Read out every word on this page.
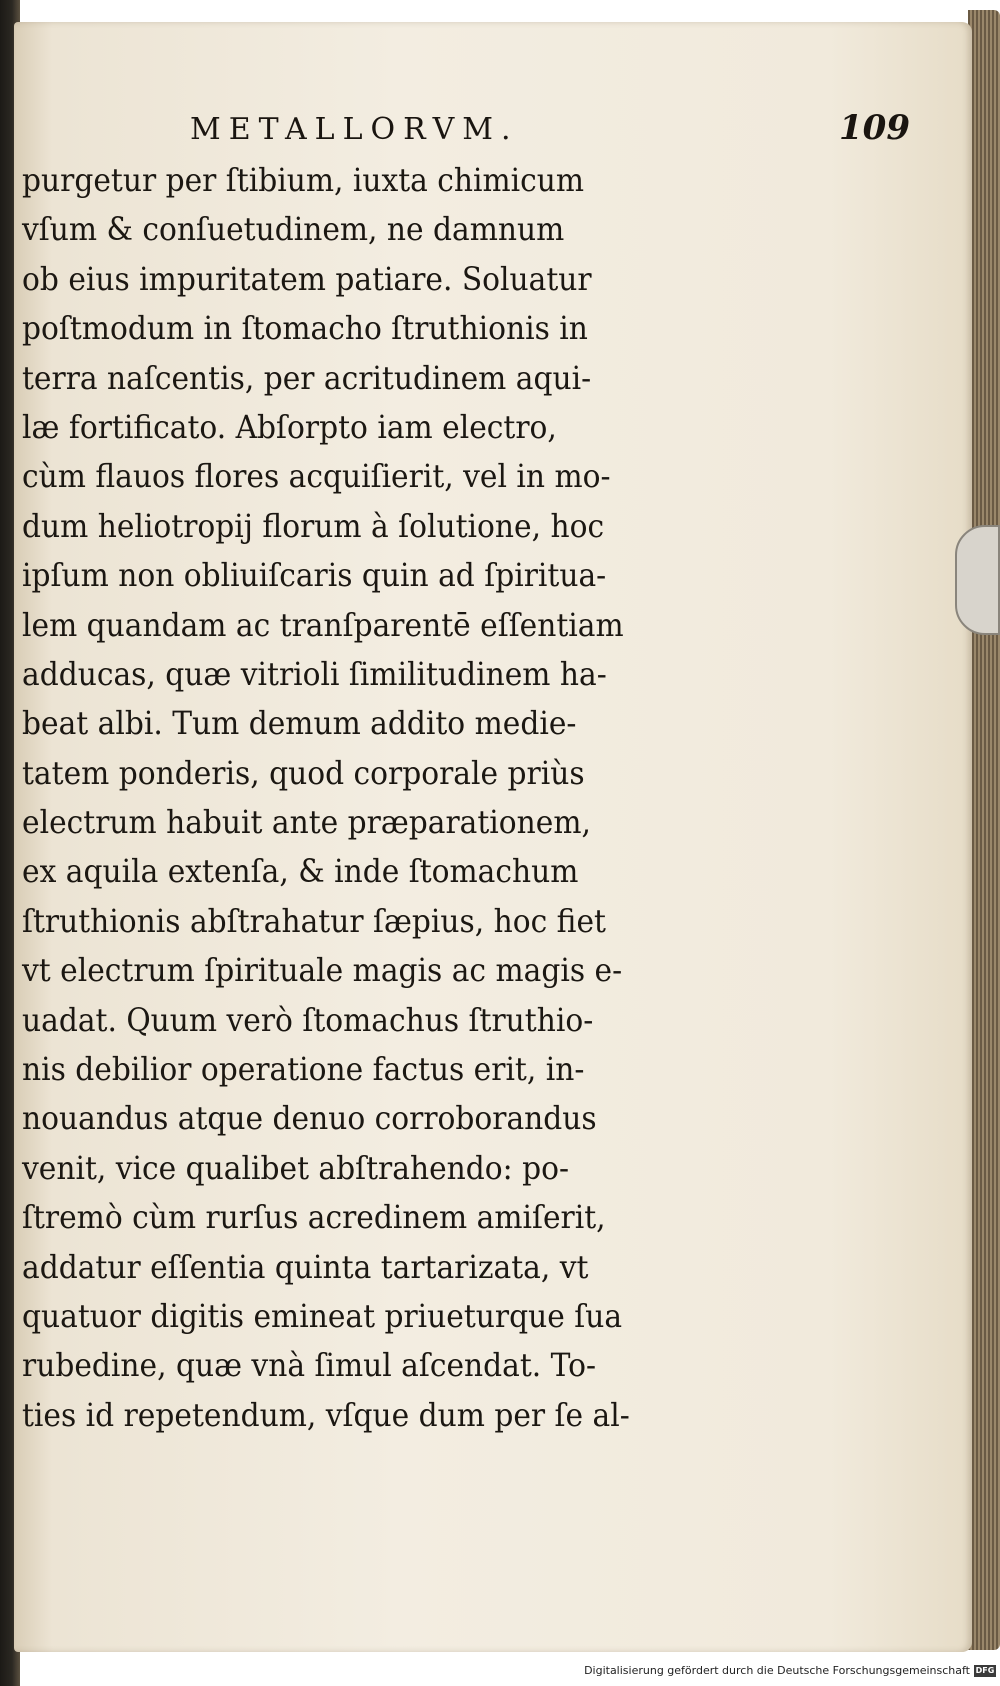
METALLORVM.	109
purgetur per ſtibium, iuxta chimicum
vſum & conſuetudinem, ne damnum
ob eius impuritatem patiare. Soluatur
poſtmodum in ſtomacho ſtruthionis in
terra naſcentis, per acritudinem aqui-
læ fortificato. Abſorpto iam electro,
cùm flauos flores acquiſierit, vel in mo-
dum heliotropij florum à ſolutione, hoc
ipſum non obliuiſcaris quin ad ſpiritua-
lem quandam ac tranſparentē eſſentiam
adducas, quæ vitrioli ſimilitudinem ha-
beat albi. Tum demum addito medie-
tatem ponderis, quod corporale priùs
electrum habuit ante præparationem,
ex aquila extenſa, & inde ſtomachum
ſtruthionis abſtrahatur ſæpius, hoc fiet
vt electrum ſpirituale magis ac magis e-
uadat. Quum verò ſtomachus ſtruthio-
nis debilior operatione factus erit, in-
nouandus atque denuo corroborandus
venit, vice qualibet abſtrahendo: po-
ſtremò cùm rurſus acredinem amiſerit,
addatur eſſentia quinta tartarizata, vt
quatuor digitis emineat priueturque ſua
rubedine, quæ vnà ſimul aſcendat. To-
ties id repetendum, vſque dum per ſe al-
Digitalisierung gefördert durch die Deutsche Forschungsgemeinschaft DFG
